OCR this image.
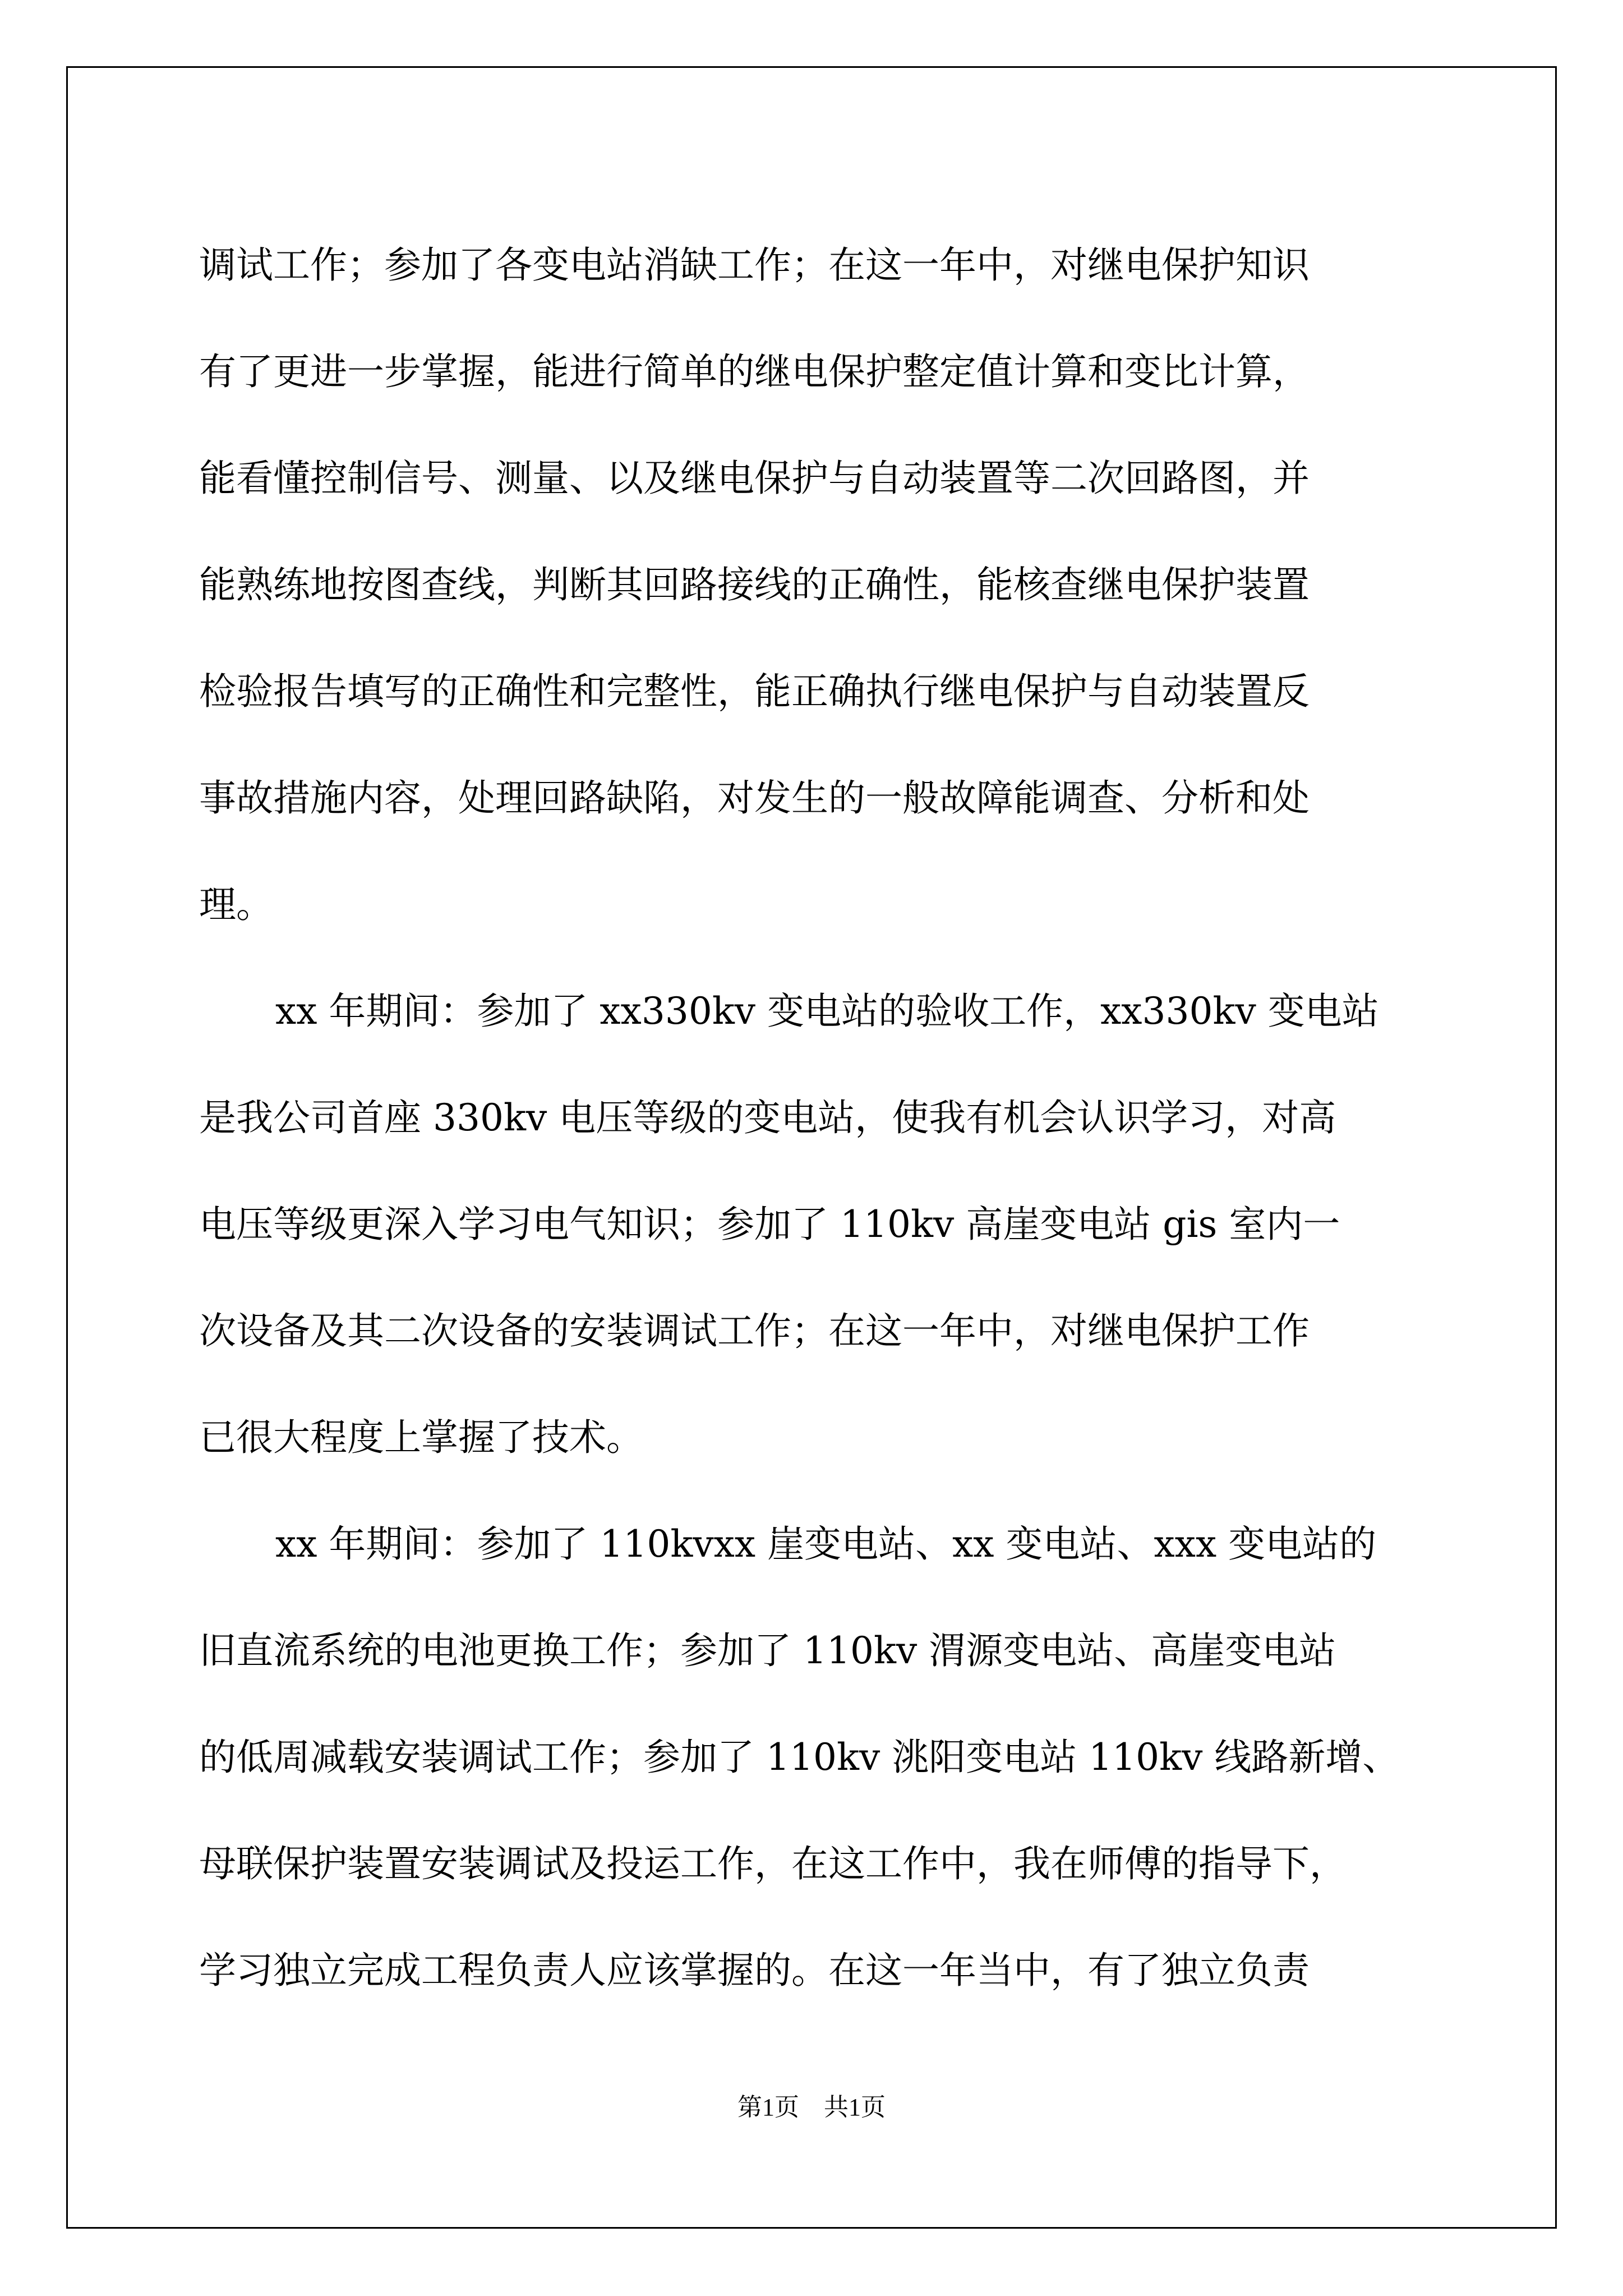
调试工作；参加了各变电站消缺工作；在这一年中，对继电保护知识
有了更进一步掌握，能进行简单的继电保护整定值计算和变比计算，
能看懂控制信号、测量、以及继电保护与自动装置等二次回路图，并
能熟练地按图查线，判断其回路接线的正确性，能核查继电保护装置
检验报告填写的正确性和完整性，能正确执行继电保护与自动装置反
事故措施内容，处理回路缺陷，对发生的一般故障能调查、分析和处
理。
xx 年期间：参加了 xx330kv 变电站的验收工作，xx330kv 变电站
是我公司首座 330kv 电压等级的变电站，使我有机会认识学习，对高
电压等级更深入学习电气知识；参加了 110kv 高崖变电站 gis 室内一
次设备及其二次设备的安装调试工作；在这一年中，对继电保护工作
已很大程度上掌握了技术。
xx 年期间：参加了 110kvxx 崖变电站、xx 变电站、xxx 变电站的
旧直流系统的电池更换工作；参加了 110kv 渭源变电站、高崖变电站
的低周减载安装调试工作；参加了 110kv 洮阳变电站 110kv 线路新增、
母联保护装置安装调试及投运工作，在这工作中，我在师傅的指导下，
学习独立完成工程负责人应该掌握的。在这一年当中，有了独立负责
第1页　共1页
